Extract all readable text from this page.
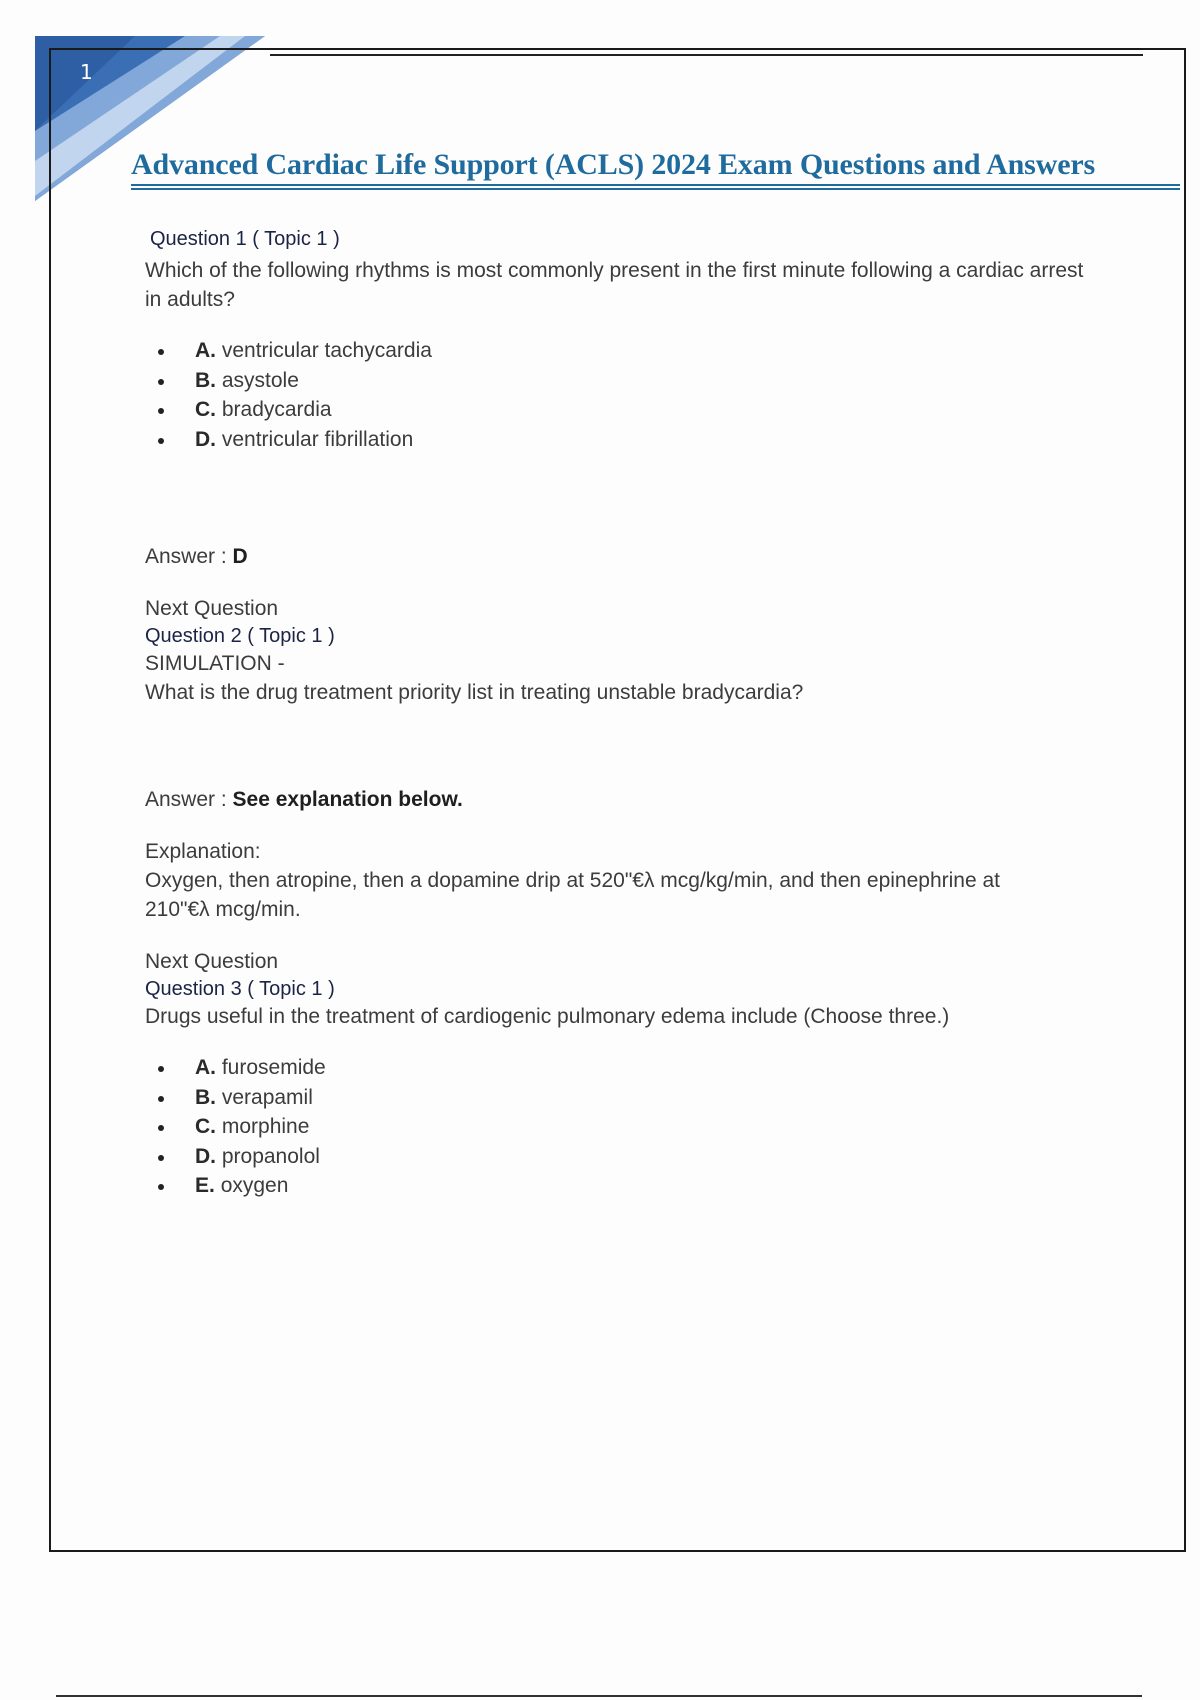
1
Advanced Cardiac Life Support (ACLS) 2024 Exam Questions and Answers
Question 1 ( Topic 1 )
Which of the following rhythms is most commonly present in the first minute following a cardiac arrest in adults?
A. ventricular tachycardia
B. asystole
C. bradycardia
D. ventricular fibrillation
Answer : D
Next Question
Question 2 ( Topic 1 )
SIMULATION -
What is the drug treatment priority list in treating unstable bradycardia?
Answer : See explanation below.
Explanation:
Oxygen, then atropine, then a dopamine drip at 520"€λ mcg/kg/min, and then epinephrine at 210"€λ mcg/min.
Next Question
Question 3 ( Topic 1 )
Drugs useful in the treatment of cardiogenic pulmonary edema include (Choose three.)
A. furosemide
B. verapamil
C. morphine
D. propanolol
E. oxygen
